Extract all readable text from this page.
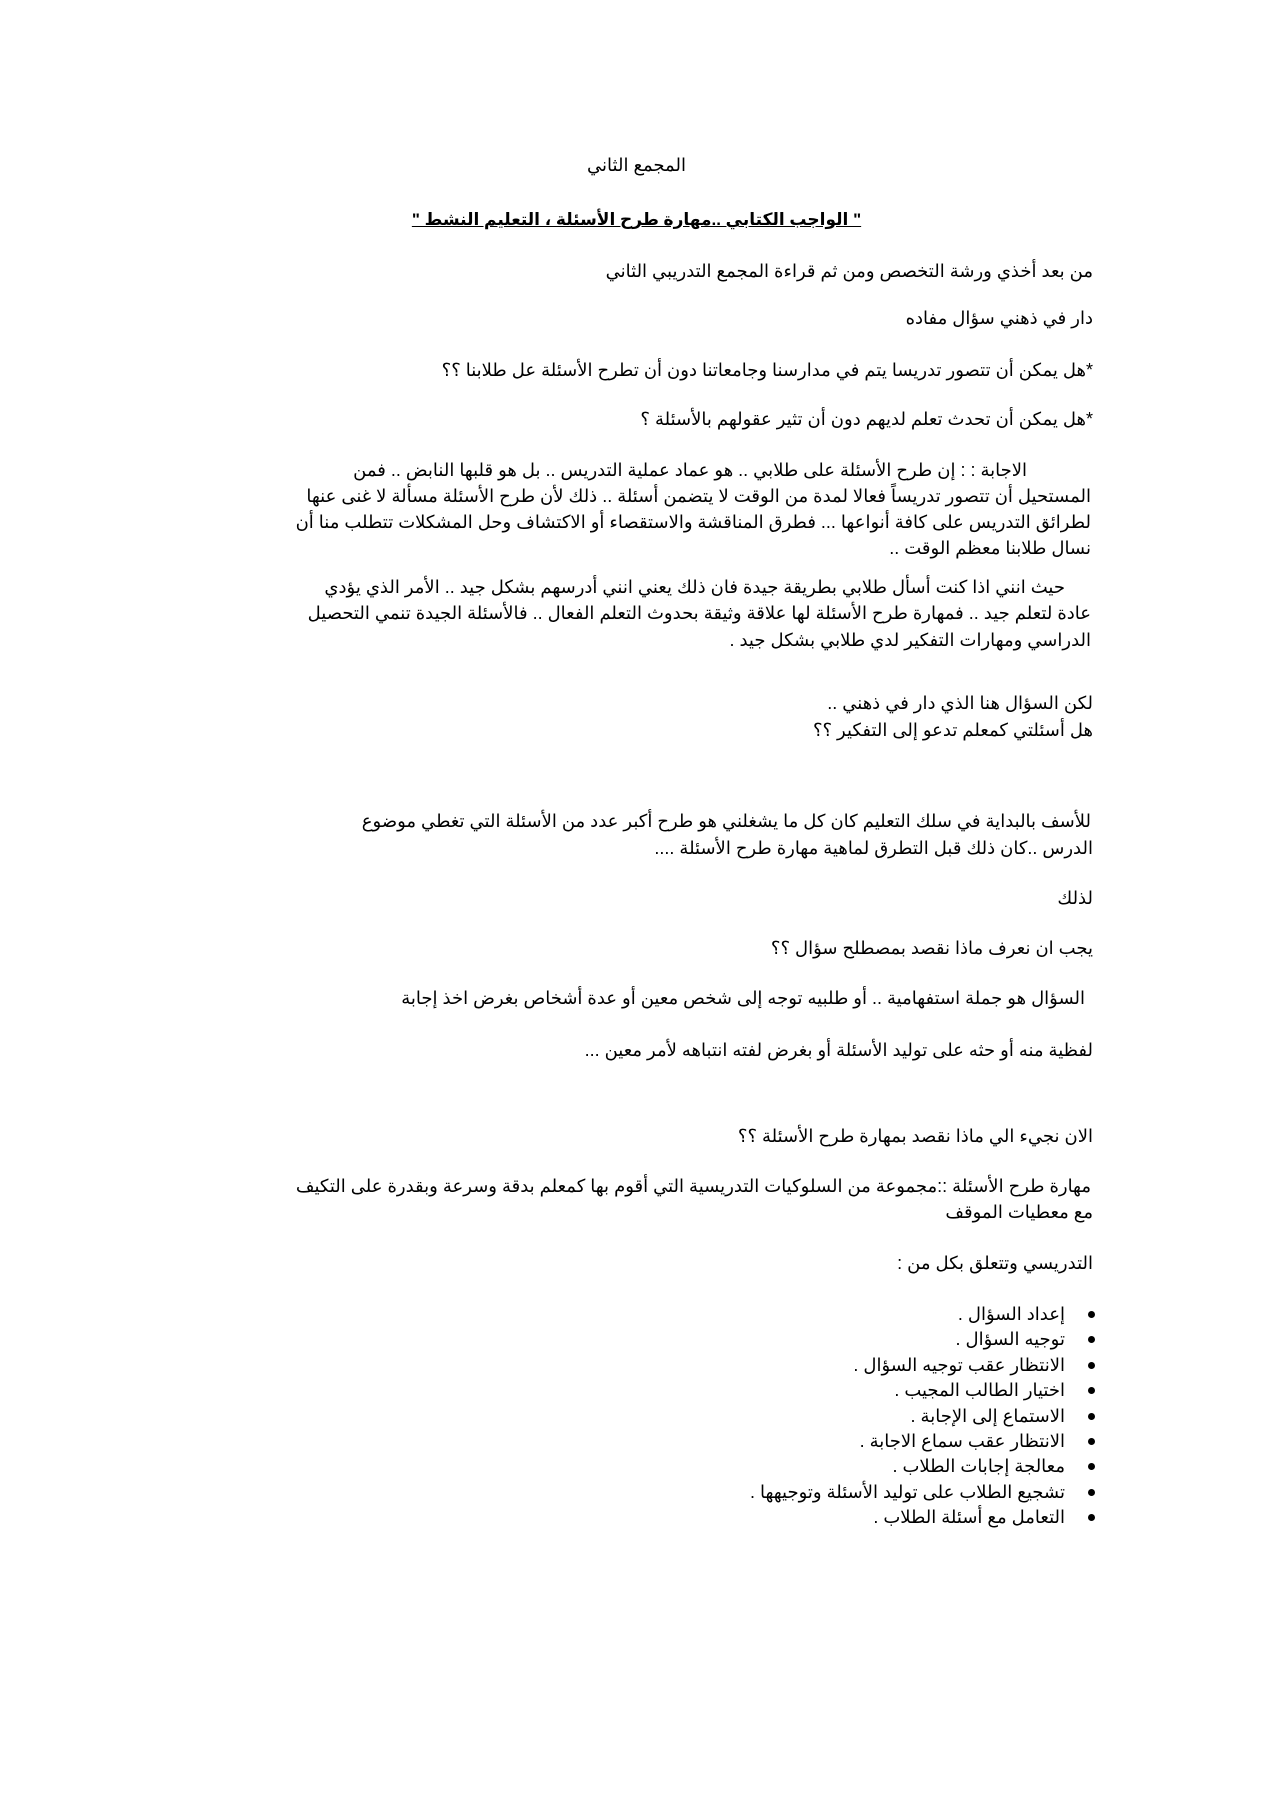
المجمع الثاني
" الواجب الكتابي ..مهارة طرح الأسئلة ، التعليم النشط "

من بعد أخذي ورشة التخصص ومن ثم قراءة المجمع التدريبي الثاني

دار في ذهني سؤال مفاده

*هل يمكن أن تتصور تدريسا يتم في مدارسنا وجامعاتنا دون أن تطرح الأسئلة عل طلابنا ؟؟

*هل يمكن أن تحدث تعلم لديهم دون أن تثير عقولهم بالأسئلة ؟

الاجابة : : إن طرح الأسئلة على طلابي .. هو عماد عملية التدريس .. بل هو قلبها النابض .. فمن

المستحيل أن تتصور تدريساً فعالا لمدة من الوقت لا يتضمن أسئلة .. ذلك لأن طرح الأسئلة مسألة لا غنى عنها

لطرائق التدريس على كافة أنواعها ... فطرق المناقشة والاستقصاء أو الاكتشاف وحل المشكلات تتطلب منا أن

نسال طلابنا معظم الوقت ..

حيث انني اذا كنت أسأل طلابي بطريقة جيدة فان ذلك يعني انني أدرسهم بشكل جيد .. الأمر الذي يؤدي

عادة لتعلم جيد .. فمهارة طرح الأسئلة لها علاقة وثيقة بحدوث التعلم الفعال .. فالأسئلة الجيدة تنمي التحصيل

الدراسي ومهارات التفكير لدي طلابي بشكل جيد .

لكن السؤال هنا الذي دار في ذهني ..

هل أسئلتي كمعلم تدعو إلى التفكير ؟؟

للأسف بالبداية في سلك التعليم كان كل ما يشغلني هو طرح أكبر عدد من الأسئلة التي تغطي موضوع

الدرس ..كان ذلك قبل التطرق لماهية مهارة طرح الأسئلة ....

لذلك

يجب ان نعرف ماذا نقصد بمصطلح سؤال ؟؟

السؤال هو جملة استفهامية .. أو طلبيه توجه إلى شخص معين أو عدة أشخاص بغرض اخذ إجابة

لفظية منه أو حثه على توليد الأسئلة أو بغرض لفته انتباهه لأمر معين ...

الان نجيء الي ماذا نقصد بمهارة طرح الأسئلة ؟؟

مهارة طرح الأسئلة ::مجموعة من السلوكيات التدريسية التي أقوم بها كمعلم بدقة وسرعة وبقدرة على التكيف

مع معطيات الموقف

التدريسي وتتعلق بكل من :

إعداد السؤال .
توجيه السؤال .
الانتظار عقب توجيه السؤال .
اختيار الطالب المجيب .
الاستماع إلى الإجابة .
الانتظار عقب سماع الاجابة .
معالجة إجابات الطلاب .
تشجيع الطلاب على توليد الأسئلة وتوجيهها .
التعامل مع أسئلة الطلاب .
